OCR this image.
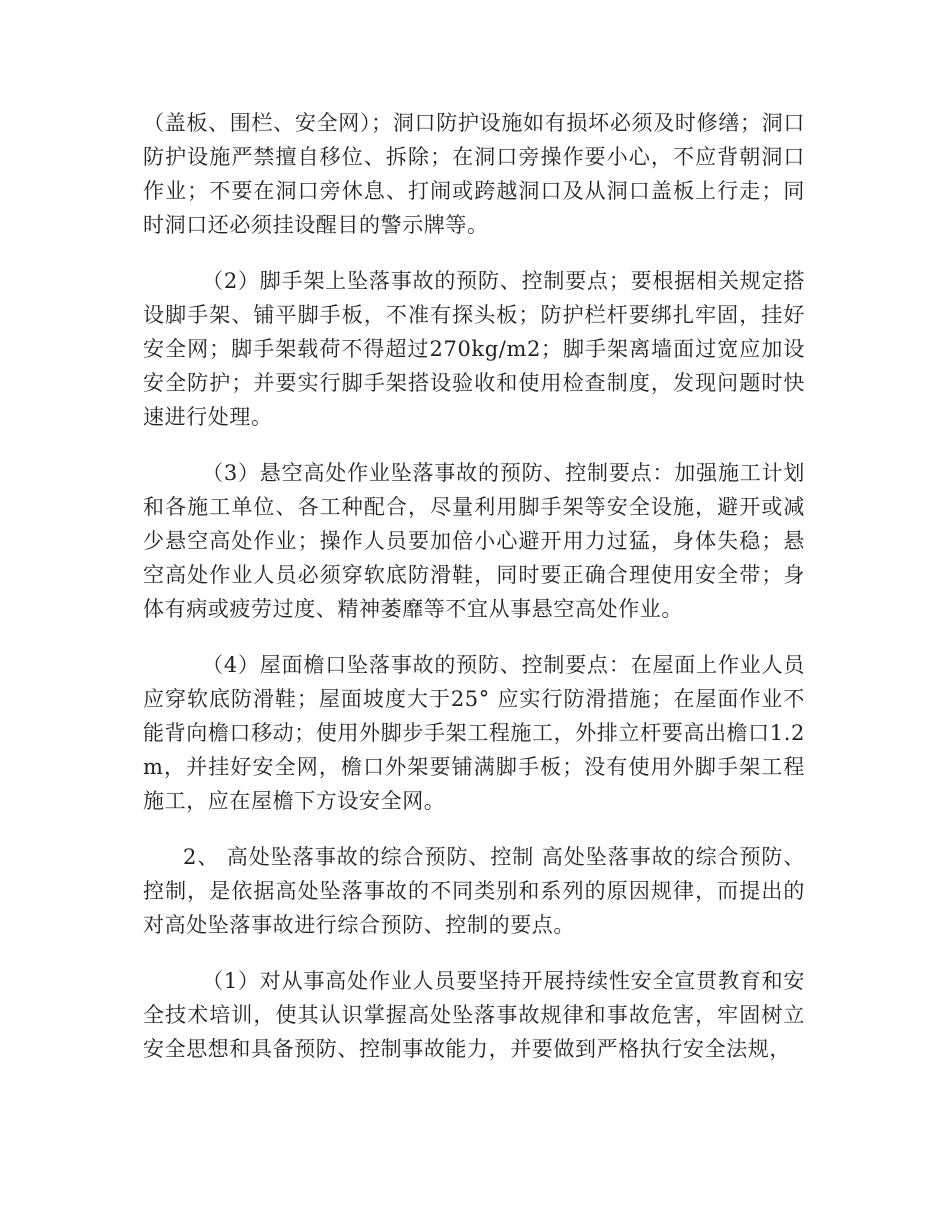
（盖板、围栏、安全网）；洞口防护设施如有损坏必须及时修缮；洞口防护设施严禁擅自移位、拆除；在洞口旁操作要小心，不应背朝洞口作业；不要在洞口旁休息、打闹或跨越洞口及从洞口盖板上行走；同时洞口还必须挂设醒目的警示牌等。

（2）脚手架上坠落事故的预防、控制要点；要根据相关规定搭设脚手架、铺平脚手板，不准有探头板；防护栏杆要绑扎牢固，挂好安全网；脚手架载荷不得超过270kg/m2；脚手架离墙面过宽应加设安全防护；并要实行脚手架搭设验收和使用检查制度，发现问题时快速进行处理。

（3）悬空高处作业坠落事故的预防、控制要点：加强施工计划和各施工单位、各工种配合，尽量利用脚手架等安全设施，避开或减少悬空高处作业；操作人员要加倍小心避开用力过猛，身体失稳；悬空高处作业人员必须穿软底防滑鞋，同时要正确合理使用安全带；身体有病或疲劳过度、精神萎靡等不宜从事悬空高处作业。

（4）屋面檐口坠落事故的预防、控制要点：在屋面上作业人员应穿软底防滑鞋；屋面坡度大于25° 应实行防滑措施；在屋面作业不能背向檐口移动；使用外脚步手架工程施工，外排立杆要高出檐口1.2m，并挂好安全网，檐口外架要铺满脚手板；没有使用外脚手架工程施工，应在屋檐下方设安全网。

2、 高处坠落事故的综合预防、控制 高处坠落事故的综合预防、控制，是依据高处坠落事故的不同类别和系列的原因规律，而提出的对高处坠落事故进行综合预防、控制的要点。

（1）对从事高处作业人员要坚持开展持续性安全宣贯教育和安全技术培训，使其认识掌握高处坠落事故规律和事故危害，牢固树立安全思想和具备预防、控制事故能力，并要做到严格执行安全法规，
